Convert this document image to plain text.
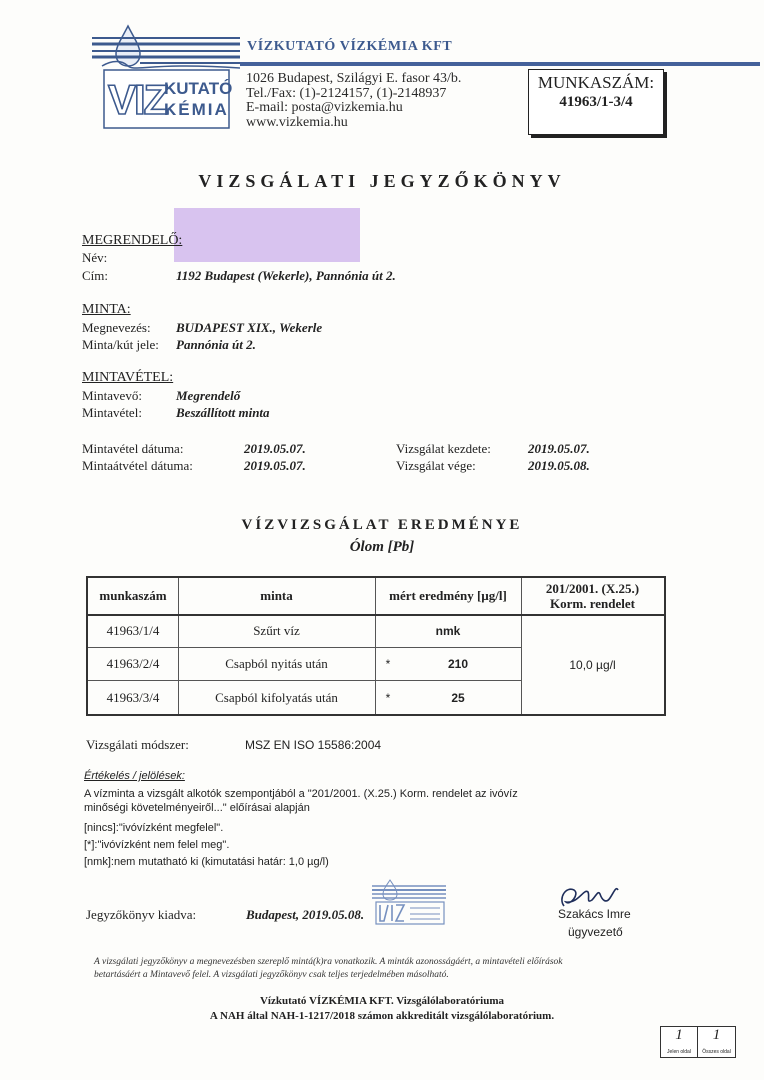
VIZ
KUTATÓ
KÉMIA
VÍZKUTATÓ VÍZKÉMIA KFT
1026 Budapest, Szilágyi E. fasor 43/b.
Tel./Fax: (1)-2124157, (1)-2148937
E-mail: posta@vizkemia.hu
www.vizkemia.hu
MUNKASZÁM:
41963/1-3/4
VIZSGÁLATI JEGYZŐKÖNYV
MEGRENDELŐ:
Név:
Cím:	1192 Budapest (Wekerle), Pannónia út 2.
MINTA:
Megnevezés: BUDAPEST XIX., Wekerle
Minta/kút jele: Pannónia út 2.
MINTAVÉTEL:
Mintavevő:	Megrendelő
Mintavétel:	Beszállított minta
Mintavétel dátuma:	2019.05.07.
Mintaátvétel dátuma:	2019.05.07.
Vizsgálat kezdete:	2019.05.07.
Vizsgálat vége:	2019.05.08.
VÍZVIZSGÁLAT EREDMÉNYE
Ólom [Pb]
munkaszám	minta	mért eredmény [µg/l]	201/2001. (X.25.)
Korm. rendelet
41963/1/4	Szűrt víz	nmk
41963/2/4	Csapból nyitás után	*	210
41963/3/4	Csapból kifolyatás után	*	25
10,0 µg/l
Vizsgálati módszer:	MSZ EN ISO 15586:2004
Értékelés / jelölések:
A vízminta a vizsgált alkotók szempontjából a "201/2001. (X.25.) Korm. rendelet az ivóvíz
minőségi követelményeiről..." előírásai alapján
[nincs]:"ivóvízként megfelel".
[*]:"ivóvízként nem felel meg".
[nmk]:nem mutatható ki (kimutatási határ: 1,0 µg/l)
Jegyzőkönyv kiadva:	Budapest, 2019.05.08.	Szakács Imre
ügyvezető
A vizsgálati jegyzőkönyv a megnevezésben szereplő mintá(k)ra vonatkozik. A minták azonosságáért, a mintavételi előírások
betartásáért a Mintavevő felel. A vizsgálati jegyzőkönyv csak teljes terjedelmében másolható.
Vízkutató VÍZKÉMIA KFT. Vizsgálólaboratóriuma
A NAH által NAH-1-1217/2018 számon akkreditált vizsgálólaboratórium.
1	1
Jelen oldal	Összes oldal
